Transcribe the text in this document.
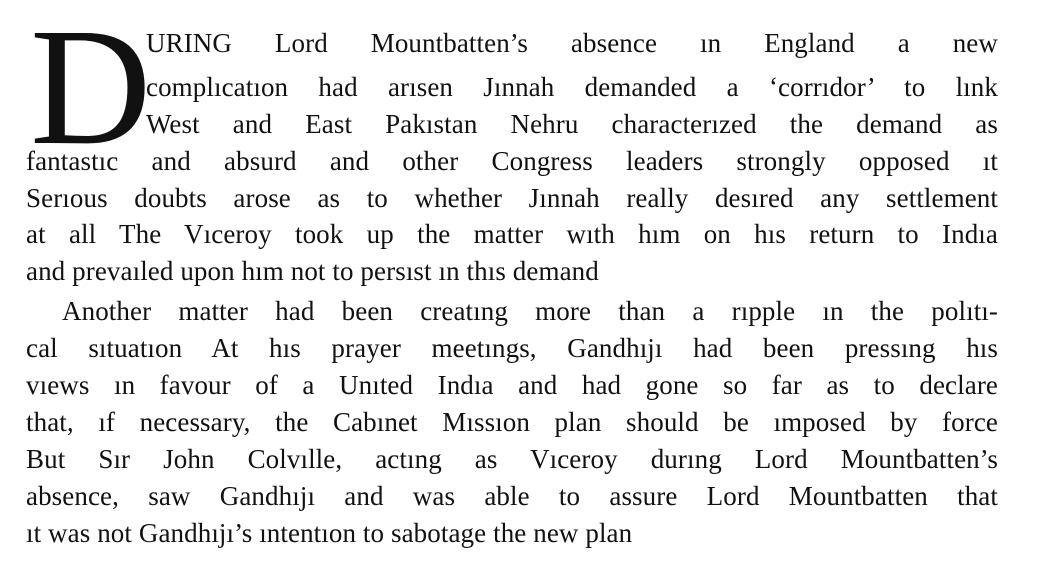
D
URING Lord Mountbatten’s absence ın England a new
complıcatıon had arısen Jınnah demanded a ‘corrıdor’ to lınk
West and East Pakıstan Nehru characterızed the demand as
fantastıc and absurd and other Congress leaders strongly opposed ıt
Serıous doubts arose as to whether Jınnah really desıred any settlement
at all The Vıceroy took up the matter wıth hım on hıs return to Indıa
and prevaıled upon hım not to persıst ın thıs demand
Another matter had been creatıng more than a rıpple ın the polıtı-
cal sıtuatıon At hıs prayer meetıngs, Gandhıjı had been pressıng hıs
vıews ın favour of a Unıted Indıa and had gone so far as to declare
that, ıf necessary, the Cabınet Mıssıon plan should be ımposed by force
But Sır John Colvılle, actıng as Vıceroy durıng Lord Mountbatten’s
absence, saw Gandhıjı and was able to assure Lord Mountbatten that
ıt was not Gandhıjı’s ıntentıon to sabotage the new plan
